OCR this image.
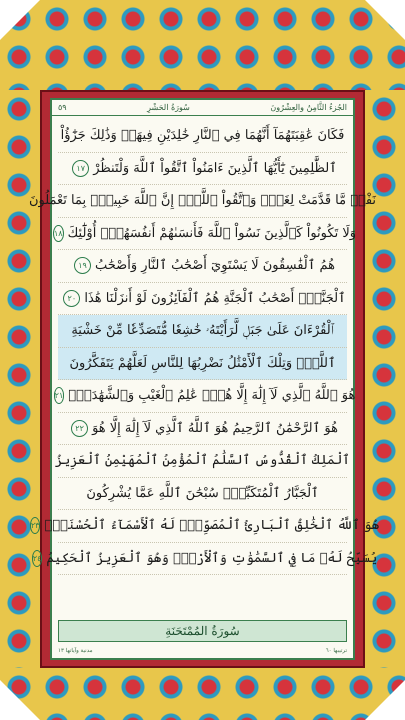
٥٩	سُورَةُ الحَشْرِ	الجُزءُ الثَّامِنُ والعِشْرُونَ
فَكَانَ عَٰقِبَتَهُمَآ أَنَّهُمَا فِي ٱلنَّارِ خَٰلِدَيْنِ فِيهَاۚ وَذَٰلِكَ جَزَٰٓؤُاْ
ٱلظَّٰلِمِينَ يَٰٓأَيُّهَا ٱلَّذِينَ ءَامَنُواْ ٱتَّقُواْ ٱللَّهَ وَلْتَنظُرْ
١٧
نَفْسٞ مَّا قَدَّمَتْ لِغَدٖۖ وَٱتَّقُواْ ٱللَّهَۚ إِنَّ ٱللَّهَ خَبِيرُۢ بِمَا تَعْمَلُونَ
وَلَا تَكُونُواْ كَٱلَّذِينَ نَسُواْ ٱللَّهَ فَأَنسَىٰهُمْ أَنفُسَهُمْۚ أُوْلَٰٓئِكَ
١٨
هُمُ ٱلْفَٰسِقُونَ لَا يَسْتَوِيٓ أَصْحَٰبُ ٱلنَّارِ وَأَصْحَٰبُ
١٩
ٱلْجَنَّةِۚ أَصْحَٰبُ ٱلْجَنَّةِ هُمُ ٱلْفَآئِزُونَ لَوْ أَنزَلْنَا هَٰذَا
٢٠
ٱلْقُرْءَانَ عَلَىٰ جَبَلٖ لَّرَأَيْتَهُۥ خَٰشِعٗا مُّتَصَدِّعٗا مِّنْ خَشْيَةِ
ٱللَّهِۚ وَتِلْكَ ٱلْأَمْثَٰلُ نَضْرِبُهَا لِلنَّاسِ لَعَلَّهُمْ يَتَفَكَّرُونَ
هُوَ ٱللَّهُ ٱلَّذِي لَآ إِلَٰهَ إِلَّا هُوَۖ عَٰلِمُ ٱلْغَيْبِ وَٱلشَّهَٰدَةِۖ
٢١
هُوَ ٱلرَّحْمَٰنُ ٱلرَّحِيمُ هُوَ ٱللَّهُ ٱلَّذِي لَآ إِلَٰهَ إِلَّا هُوَ
٢٢
ٱلْمَلِكُ ٱلْقُدُّوسُ ٱلسَّلَٰمُ ٱلْمُؤْمِنُ ٱلْمُهَيْمِنُ ٱلْعَزِيزُ
ٱلْجَبَّارُ ٱلْمُتَكَبِّرُۚ سُبْحَٰنَ ٱللَّهِ عَمَّا يُشْرِكُونَ
هُوَ ٱللَّهُ ٱلْخَٰلِقُ ٱلْبَارِئُ ٱلْمُصَوِّرُۖ لَهُ ٱلْأَسْمَآءُ ٱلْحُسْنَىٰۚ
٢٣
يُسَبِّحُ لَهُۥ مَا فِي ٱلسَّمَٰوَٰتِ وَٱلْأَرْضِۖ وَهُوَ ٱلْعَزِيزُ ٱلْحَكِيمُ
٢٤
سُورَةُ المُمْتَحَنَةِ
مدنية وآياتها ١٣	ترتيبها ٦٠
